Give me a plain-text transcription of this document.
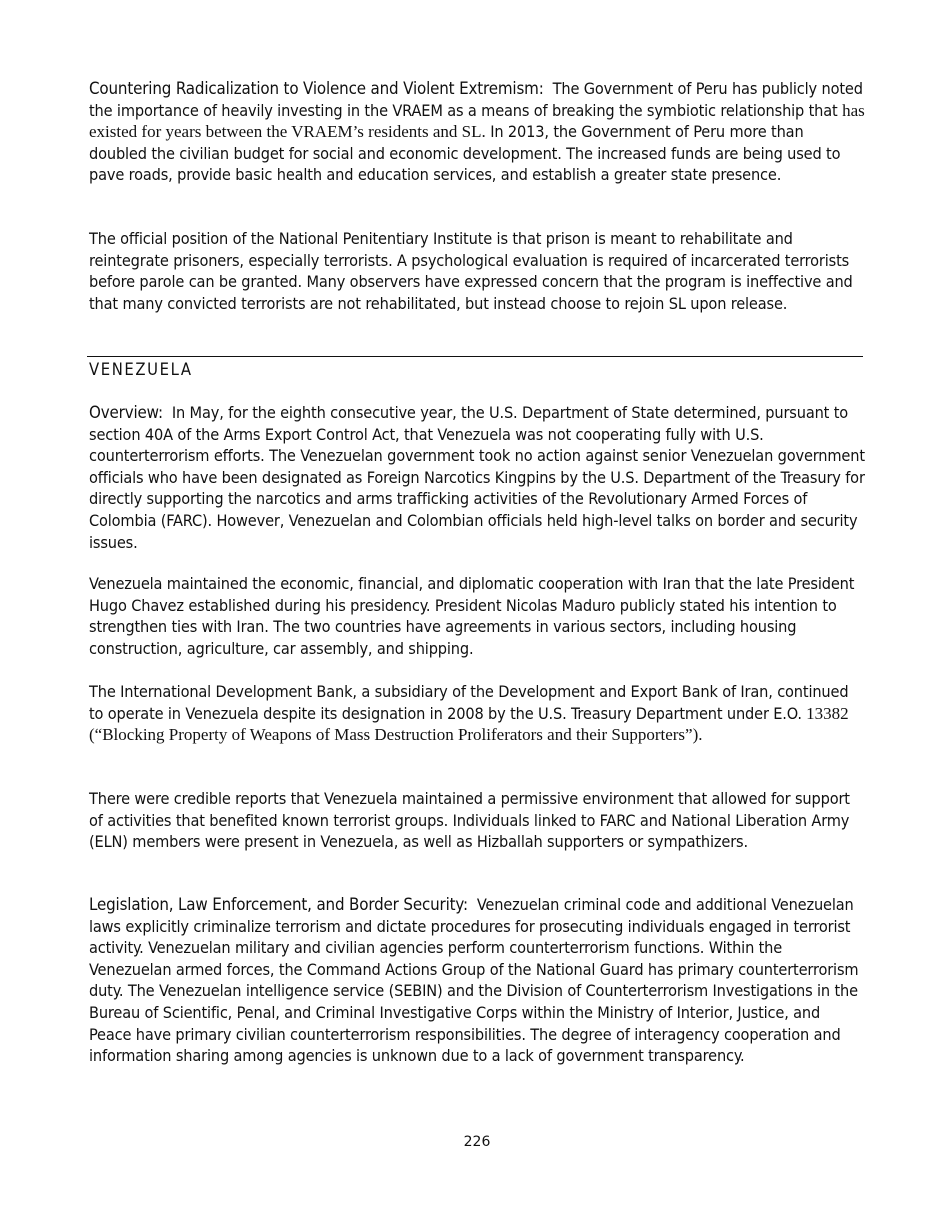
Countering Radicalization to Violence and Violent Extremism: The Government of Peru has publicly noted the importance of heavily investing in the VRAEM as a means of breaking the symbiotic relationship that has existed for years between the VRAEM’s residents and SL. In 2013, the Government of Peru more than doubled the civilian budget for social and economic development. The increased funds are being used to pave roads, provide basic health and education services, and establish a greater state presence.

The official position of the National Penitentiary Institute is that prison is meant to rehabilitate and reintegrate prisoners, especially terrorists. A psychological evaluation is required of incarcerated terrorists before parole can be granted. Many observers have expressed concern that the program is ineffective and that many convicted terrorists are not rehabilitated, but instead choose to rejoin SL upon release.

VENEZUELA

Overview: In May, for the eighth consecutive year, the U.S. Department of State determined, pursuant to section 40A of the Arms Export Control Act, that Venezuela was not cooperating fully with U.S. counterterrorism efforts. The Venezuelan government took no action against senior Venezuelan government officials who have been designated as Foreign Narcotics Kingpins by the U.S. Department of the Treasury for directly supporting the narcotics and arms trafficking activities of the Revolutionary Armed Forces of Colombia (FARC). However, Venezuelan and Colombian officials held high-level talks on border and security issues.

Venezuela maintained the economic, financial, and diplomatic cooperation with Iran that the late President Hugo Chavez established during his presidency. President Nicolas Maduro publicly stated his intention to strengthen ties with Iran. The two countries have agreements in various sectors, including housing construction, agriculture, car assembly, and shipping.

The International Development Bank, a subsidiary of the Development and Export Bank of Iran, continued to operate in Venezuela despite its designation in 2008 by the U.S. Treasury Department under E.O. 13382 (“Blocking Property of Weapons of Mass Destruction Proliferators and their Supporters”).

There were credible reports that Venezuela maintained a permissive environment that allowed for support of activities that benefited known terrorist groups. Individuals linked to FARC and National Liberation Army (ELN) members were present in Venezuela, as well as Hizballah supporters or sympathizers.

Legislation, Law Enforcement, and Border Security: Venezuelan criminal code and additional Venezuelan laws explicitly criminalize terrorism and dictate procedures for prosecuting individuals engaged in terrorist activity. Venezuelan military and civilian agencies perform counterterrorism functions. Within the Venezuelan armed forces, the Command Actions Group of the National Guard has primary counterterrorism duty. The Venezuelan intelligence service (SEBIN) and the Division of Counterterrorism Investigations in the Bureau of Scientific, Penal, and Criminal Investigative Corps within the Ministry of Interior, Justice, and Peace have primary civilian counterterrorism responsibilities. The degree of interagency cooperation and information sharing among agencies is unknown due to a lack of government transparency.

226
